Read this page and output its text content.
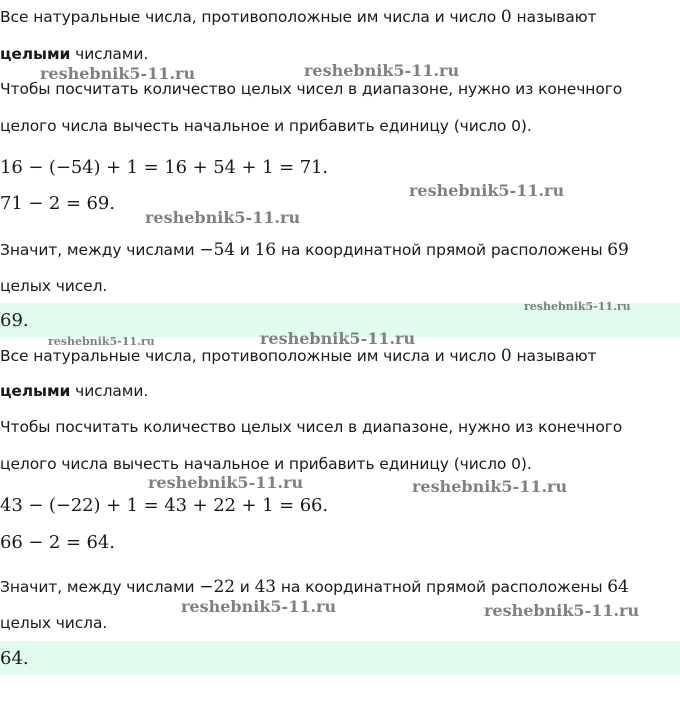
Все натуральные числа, противоположные им числа и число 0 называют
целыми числами.
Чтобы посчитать количество целых чисел в диапазоне, нужно из конечного
целого числа вычесть начальное и прибавить единицу (число 0).
16 − (−54) + 1 = 16 + 54 + 1 = 71.
71 − 2 = 69.
Значит, между числами −54 и 16 на координатной прямой расположены 69
целых чисел.
69.
Все натуральные числа, противоположные им числа и число 0 называют
целыми числами.
Чтобы посчитать количество целых чисел в диапазоне, нужно из конечного
целого числа вычесть начальное и прибавить единицу (число 0).
43 − (−22) + 1 = 43 + 22 + 1 = 66.
66 − 2 = 64.
Значит, между числами −22 и 43 на координатной прямой расположены 64
целых числа.
64.
reshebnik5-11.ru	reshebnik5-11.ru
reshebnik5-11.ru
reshebnik5-11.ru
reshebnik5-11.ru
reshebnik5-11.ru	reshebnik5-11.ru
reshebnik5-11.ru	reshebnik5-11.ru
reshebnik5-11.ru	reshebnik5-11.ru
